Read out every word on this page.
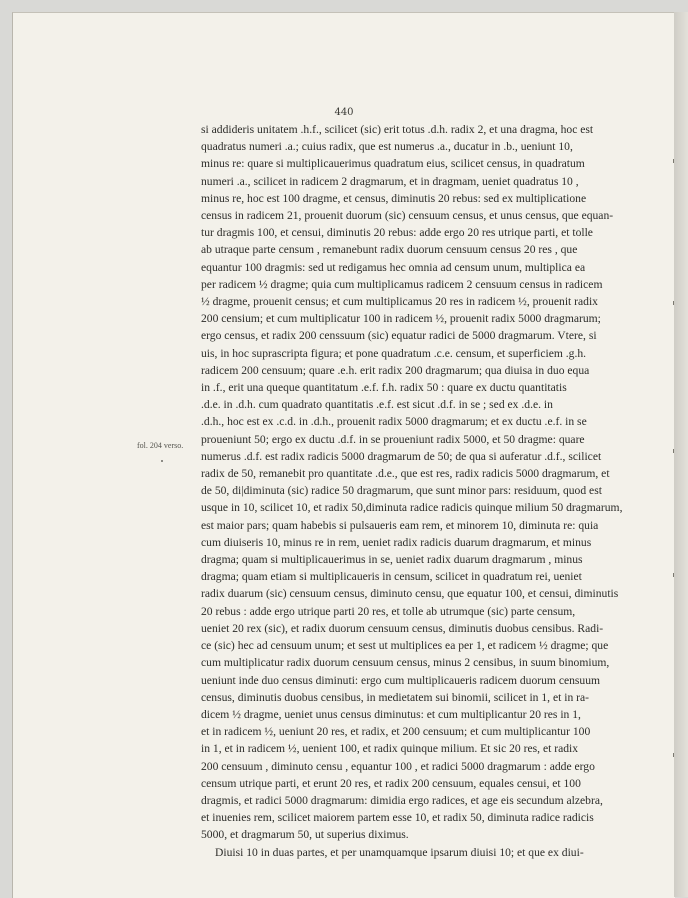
440
si addideris unitatem .h.f., scilicet (sic) erit totus .d.h. radix 2, et una dragma, hoc est
quadratus numeri .a.; cuius radix, que est numerus .a., ducatur in .b., ueniunt 10,
minus re: quare si multiplicauerimus quadratum eius, scilicet census, in quadratum
numeri .a., scilicet in radicem 2 dragmarum, et in dragmam, ueniet quadratus 10 ,
minus re, hoc est 100 dragme, et census, diminutis 20 rebus: sed ex multiplicatione
census in radicem 21, prouenit duorum (sic) censuum census, et unus census, que equan-
tur dragmis 100, et censui, diminutis 20 rebus: adde ergo 20 res utrique parti, et tolle
ab utraque parte censum , remanebunt radix duorum censuum census 20 res , que
equantur 100 dragmis: sed ut redigamus hec omnia ad censum unum, multiplica ea
per radicem ½ dragme; quia cum multiplicamus radicem 2 censuum census in radicem
½ dragme, prouenit census; et cum multiplicamus 20 res in radicem ½, prouenit radix
200 censium; et cum multiplicatur 100 in radicem ½, prouenit radix 5000 dragmarum;
ergo census, et radix 200 censsuum (sic) equatur radici de 5000 dragmarum. Vtere, si
uis, in hoc suprascripta figura; et pone quadratum .c.e. censum, et superficiem .g.h.
radicem 200 censuum; quare .e.h. erit radix 200 dragmarum; qua diuisa in duo equa
in .f., erit una queque quantitatum .e.f. f.h. radix 50 : quare ex ductu quantitatis
.d.e. in .d.h. cum quadrato quantitatis .e.f. est sicut .d.f. in se ; sed ex .d.e. in
.d.h., hoc est ex .c.d. in .d.h., prouenit radix 5000 dragmarum; et ex ductu .e.f. in se
proueniunt 50; ergo ex ductu .d.f. in se proueniunt radix 5000, et 50 dragme: quare
numerus .d.f. est radix radicis 5000 dragmarum de 50; de qua si auferatur .d.f., scilicet
radix de 50, remanebit pro quantitate .d.e., que est res, radix radicis 5000 dragmarum, et
de 50, di|diminuta (sic) radice 50 dragmarum, que sunt minor pars: residuum, quod est
usque in 10, scilicet 10, et radix 50,diminuta radice radicis quinque milium 50 dragmarum,
est maior pars; quam habebis si pulsaueris eam rem, et minorem 10, diminuta re: quia
cum diuiseris 10, minus re in rem, ueniet radix radicis duarum dragmarum, et minus
dragma; quam si multiplicauerimus in se, ueniet radix duarum dragmarum , minus
dragma; quam etiam si multiplicaueris in censum, scilicet in quadratum rei, ueniet
radix duarum (sic) censuum census, diminuto censu, que equatur 100, et censui, diminutis
20 rebus : adde ergo utrique parti 20 res, et tolle ab utrumque (sic) parte censum,
ueniet 20 rex (sic), et radix duorum censuum census, diminutis duobus censibus. Radi-
ce (sic) hec ad censuum unum; et sest ut multiplices ea per 1, et radicem ½ dragme; que
cum multiplicatur radix duorum censuum census, minus 2 censibus, in suum binomium,
ueniunt inde duo census diminuti: ergo cum multiplicaueris radicem duorum censuum
census, diminutis duobus censibus, in medietatem sui binomii, scilicet in 1, et in ra-
dicem ½ dragme, ueniet unus census diminutus: et cum multiplicantur 20 res in 1,
et in radicem ½, ueniunt 20 res, et radix, et 200 censuum; et cum multiplicantur 100
in 1, et in radicem ½, uenient 100, et radix quinque milium. Et sic 20 res, et radix
200 censuum , diminuto censu , equantur 100 , et radici 5000 dragmarum : adde ergo
censum utrique parti, et erunt 20 res, et radix 200 censuum, equales censui, et 100
dragmis, et radici 5000 dragmarum: dimidia ergo radices, et age eis secundum alzebra,
et inuenies rem, scilicet maiorem partem esse 10, et radix 50, diminuta radice radicis
5000, et dragmarum 50, ut superius diximus.
Diuisi 10 in duas partes, et per unamquamque ipsarum diuisi 10; et que ex diui-
fol. 204 verso.
